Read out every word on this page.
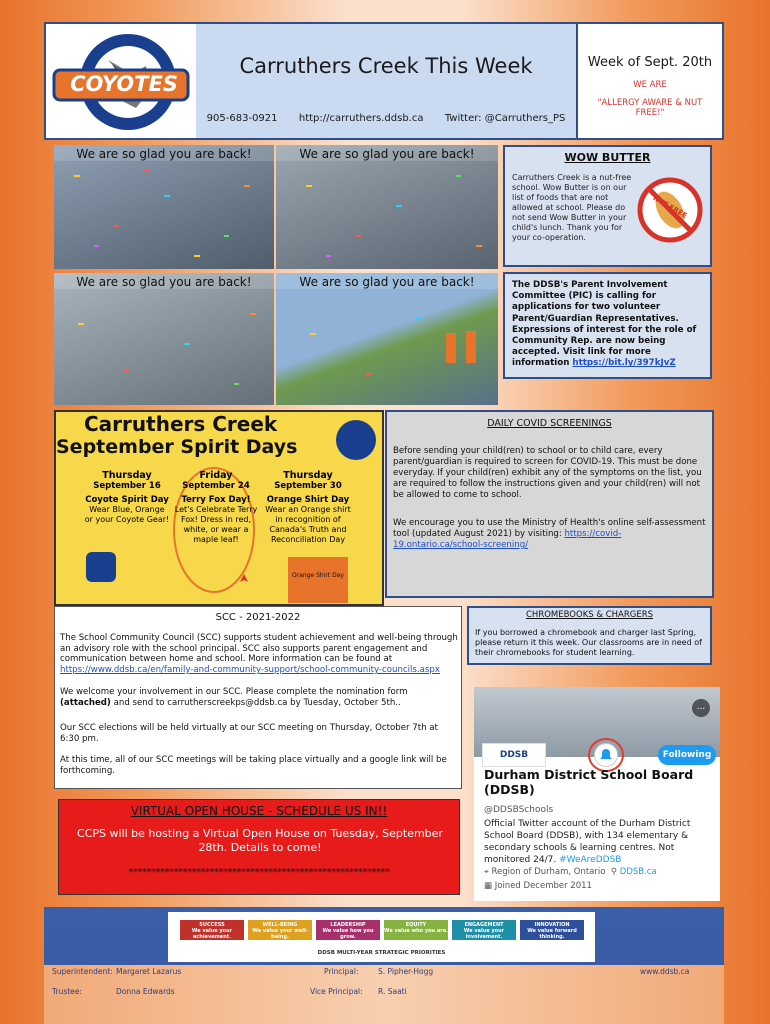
COYOTES
Carruthers Creek This Week
905-683-0921 http://carruthers.ddsb.ca Twitter: @Carruthers_PS
Week of Sept. 20th
WE ARE
"ALLERGY AWARE & NUT FREE!"
We are so glad you are back!	We are so glad you are back!
We are so glad you are back!	We are so glad you are back!
WOW BUTTER
Carruthers Creek is a nut-free school. Wow Butter is on our list of foods that are not allowed at school. Please do not send Wow Butter in your child's lunch. Thank you for your co-operation.
NUT-FREE
The DDSB's Parent Involvement Committee (PIC) is calling for applications for two volunteer Parent/Guardian Representatives. Expressions of interest for the role of Community Rep. are now being accepted. Visit link for more information https://bit.ly/397kJvZ
Carruthers Creek
September Spirit Days
Thursday
September 16
Coyote Spirit Day
Wear Blue, Orange or your Coyote Gear!
Friday
September 24
Terry Fox Day!
Let's Celebrate Terry Fox! Dress in red, white, or wear a maple leaf!
Thursday
September 30
Orange Shirt Day
Wear an Orange shirt in recognition of Canada's Truth and Reconciliation Day
Orange Shirt Day
DAILY COVID SCREENINGS
Before sending your child(ren) to school or to child care, every parent/guardian is required to screen for COVID-19. This must be done everyday. If your child(ren) exhibit any of the symptoms on the list, you are required to follow the instructions given and your child(ren) will not be allowed to come to school.
We encourage you to use the Ministry of Health's online self-assessment tool (updated August 2021) by visiting: https://covid-19.ontario.ca/school-screening/
SCC - 2021-2022
The School Community Council (SCC) supports student achievement and well-being through an advisory role with the school principal. SCC also supports parent engagement and communication between home and school. More information can be found at https://www.ddsb.ca/en/family-and-community-support/school-community-councils.aspx
We welcome your involvement in our SCC. Please complete the nomination form (attached) and send to carrutherscreekps@ddsb.ca by Tuesday, October 5th..
Our SCC elections will be held virtually at our SCC meeting on Thursday, October 7th at 6:30 pm.
At this time, all of our SCC meetings will be taking place virtually and a google link will be forthcoming.
CHROMEBOOKS & CHARGERS
If you borrowed a chromebook and charger last Spring, please return it this week. Our classrooms are in need of their chromebooks for student learning.
DDSB
...
Following
Durham District School Board (DDSB)
@DDSBSchools
Official Twitter account of the Durham District School Board (DDSB), with 134 elementary & secondary schools & learning centres. Not monitored 24/7. #WeAreDDSB
⌖ Region of Durham, Ontario ⚲ DDSB.ca
▦ Joined December 2011
VIRTUAL OPEN HOUSE - SCHEDULE US IN!!
CCPS will be hosting a Virtual Open House on Tuesday, September 28th. Details to come!
**********************************************************
SUCCESS
We value your achievement.
WELL-BEING
We value your well-being.
LEADERSHIP
We value how you grow.
EQUITY
We value who you are.
ENGAGEMENT
We value your involvement.
INNOVATION
We value forward thinking.
DDSB MULTI-YEAR STRATEGIC PRIORITIES
Superintendent: Margaret Lazarus
Trustee:	Donna Edwards
Principal:	S. Pipher-Hogg
Vice Principal: R. Saati
www.ddsb.ca
